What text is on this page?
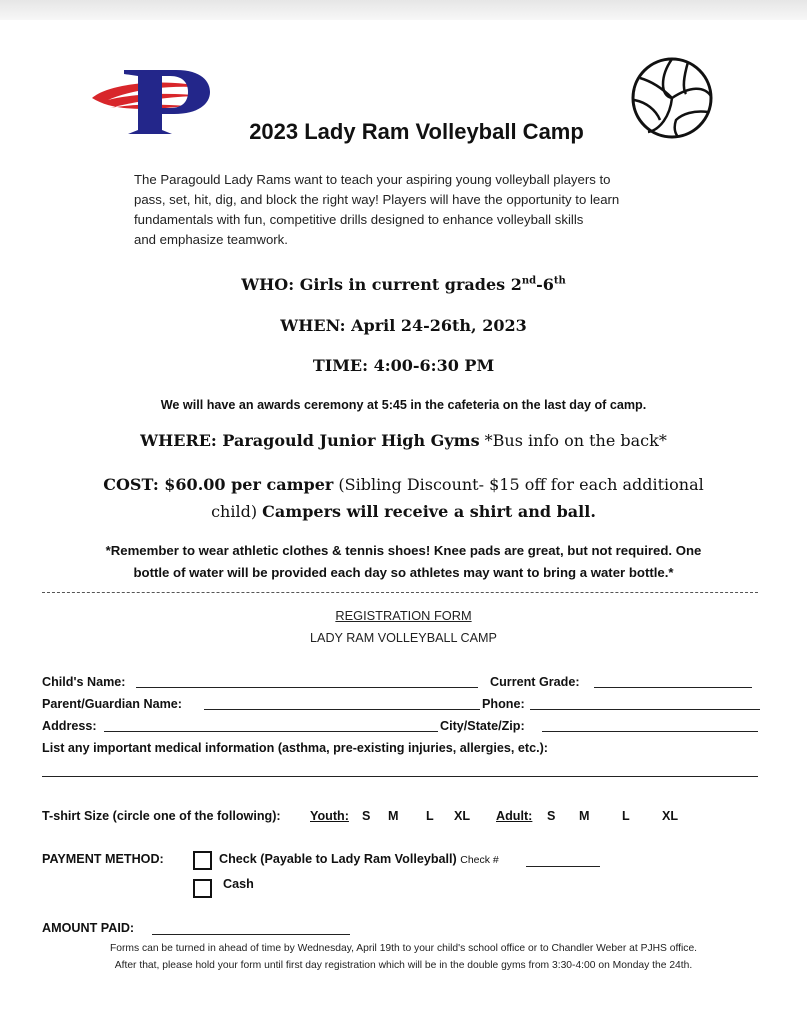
2023 Lady Ram Volleyball Camp
The Paragould Lady Rams want to teach your aspiring young volleyball players to
pass, set, hit, dig, and block the right way! Players will have the opportunity to learn
fundamentals with fun, competitive drills designed to enhance volleyball skills
and emphasize teamwork.
WHO: Girls in current grades 2nd-6th
WHEN: April 24-26th, 2023
TIME: 4:00-6:30 PM
We will have an awards ceremony at 5:45 in the cafeteria on the last day of camp.
WHERE: Paragould Junior High Gyms *Bus info on the back*
COST: $60.00 per camper (Sibling Discount- $15 off for each additional
child) Campers will receive a shirt and ball.
*Remember to wear athletic clothes & tennis shoes! Knee pads are great, but not required. One
bottle of water will be provided each day so athletes may want to bring a water bottle.*
REGISTRATION FORM
LADY RAM VOLLEYBALL CAMP
Child's Name:	Current Grade:
Parent/Guardian Name:	Phone:
Address:	City/State/Zip:
List any important medical information (asthma, pre-existing injuries, allergies, etc.):
T-shirt Size (circle one of the following): Youth: S M L XL Adult: S M	L	XL
PAYMENT METHOD:	Check (Payable to Lady Ram Volleyball) Check #
Cash
AMOUNT PAID:
Forms can be turned in ahead of time by Wednesday, April 19th to your child's school office or to Chandler Weber at PJHS office.
After that, please hold your form until first day registration which will be in the double gyms from 3:30-4:00 on Monday the 24th.
